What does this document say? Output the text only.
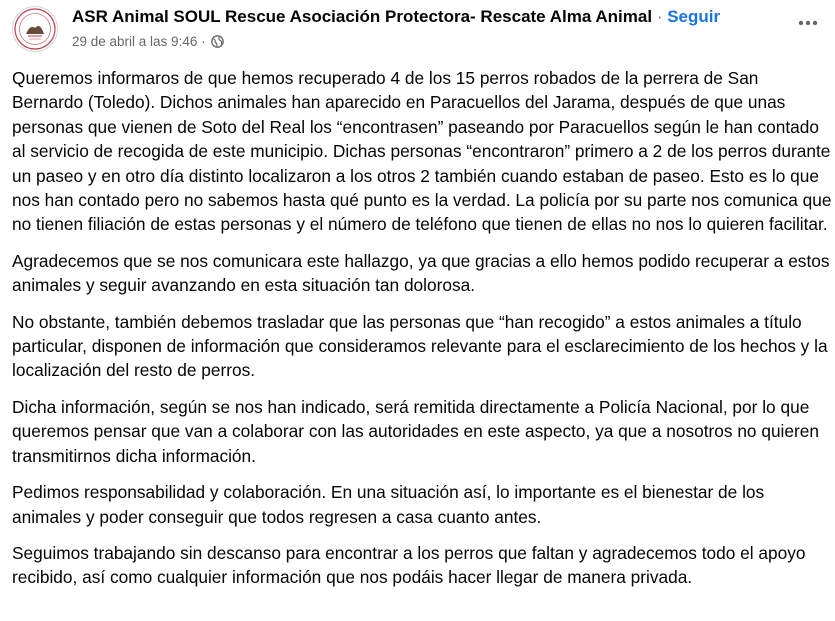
ASR Animal SOUL Rescue Asociación Protectora- Rescate Alma Animal · Seguir
29 de abril a las 9:46 ·

Queremos informaros de que hemos recuperado 4 de los 15 perros robados de la perrera de San Bernardo (Toledo). Dichos animales han aparecido en Paracuellos del Jarama, después de que unas personas que vienen de Soto del Real los “encontrasen” paseando por Paracuellos según le han contado al servicio de recogida de este municipio. Dichas personas “encontraron” primero a 2 de los perros durante un paseo y en otro día distinto localizaron a los otros 2 también cuando estaban de paseo. Esto es lo que nos han contado pero no sabemos hasta qué punto es la verdad. La policía por su parte nos comunica que no tienen filiación de estas personas y el número de teléfono que tienen de ellas no nos lo quieren facilitar.

Agradecemos que se nos comunicara este hallazgo, ya que gracias a ello hemos podido recuperar a estos animales y seguir avanzando en esta situación tan dolorosa.

No obstante, también debemos trasladar que las personas que “han recogido” a estos animales a título particular, disponen de información que consideramos relevante para el esclarecimiento de los hechos y la localización del resto de perros.

Dicha información, según se nos han indicado, será remitida directamente a Policía Nacional, por lo que queremos pensar que van a colaborar con las autoridades en este aspecto, ya que a nosotros no quieren transmitirnos dicha información.

Pedimos responsabilidad y colaboración. En una situación así, lo importante es el bienestar de los animales y poder conseguir que todos regresen a casa cuanto antes.

Seguimos trabajando sin descanso para encontrar a los perros que faltan y agradecemos todo el apoyo recibido, así como cualquier información que nos podáis hacer llegar de manera privada.
